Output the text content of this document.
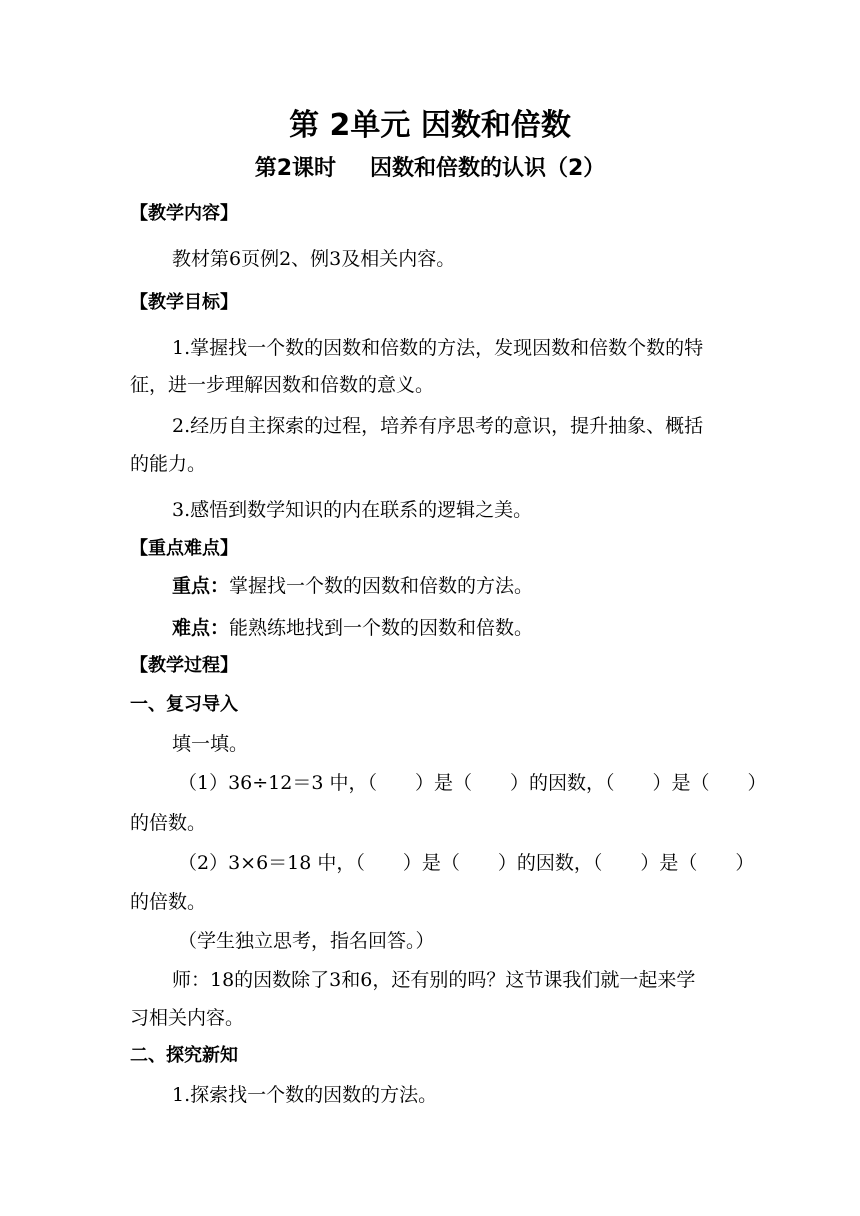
第 2单元 因数和倍数
第2课时 因数和倍数的认识（2）
【教学内容】
教材第6页例2、例3及相关内容。
【教学目标】
1.掌握找一个数的因数和倍数的方法，发现因数和倍数个数的特
征，进一步理解因数和倍数的意义。
2.经历自主探索的过程，培养有序思考的意识，提升抽象、概括
的能力。
3.感悟到数学知识的内在联系的逻辑之美。
【重点难点】
重点：掌握找一个数的因数和倍数的方法。
难点：能熟练地找到一个数的因数和倍数。
【教学过程】
一、复习导入
填一填。
（1）36÷12＝3 中，（　　）是（　　）的因数，（　　）是（　　）
的倍数。
（2）3×6＝18 中，（　　）是（　　）的因数，（　　）是（　　）
的倍数。
（学生独立思考，指名回答。）
师：18的因数除了3和6，还有别的吗？这节课我们就一起来学
习相关内容。
二、探究新知
1.探索找一个数的因数的方法。
